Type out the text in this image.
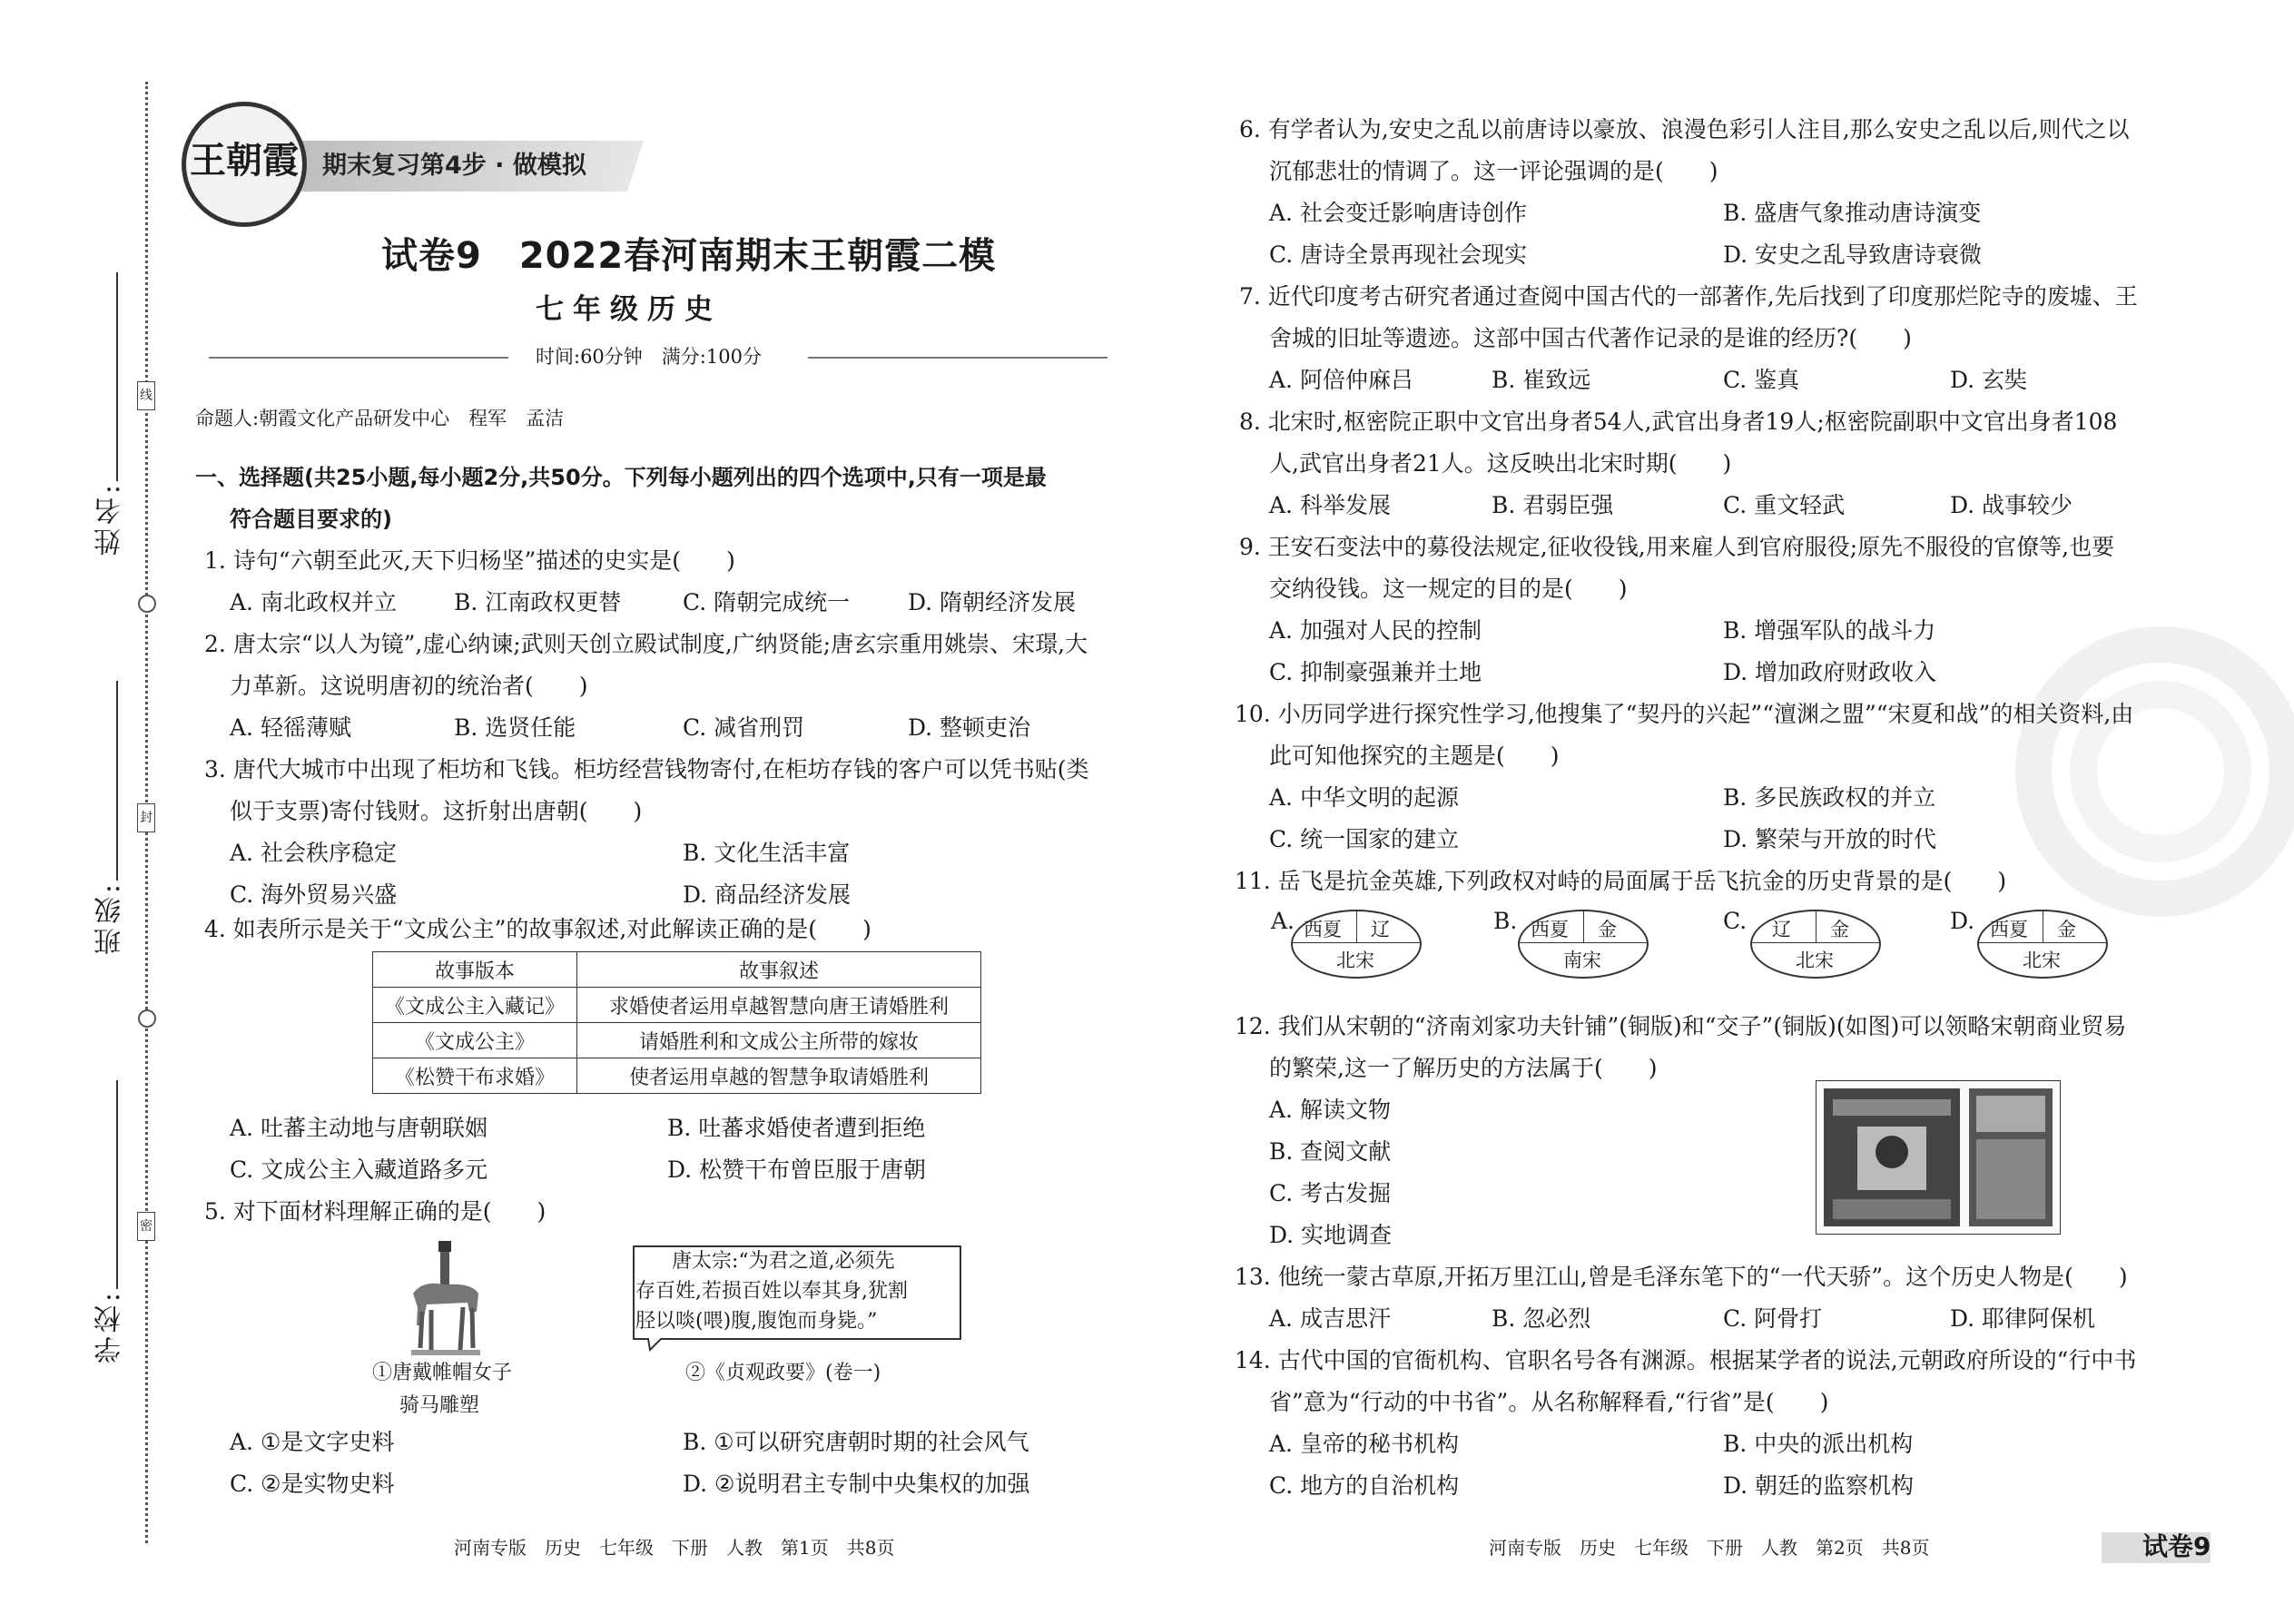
线
封
密
姓名:
班级:
学校:
王朝霞 期末复习第4步 · 做模拟
试卷9　2022春河南期末王朝霞二模
七年级历史
时间:60分钟　满分:100分
命题人:朝霞文化产品研发中心　程军　孟洁
一、选择题(共25小题,每小题2分,共50分。下列每小题列出的四个选项中,只有一项是最
符合题目要求的)
1. 诗句“六朝至此灭,天下归杨坚”描述的史实是(　　)
A. 南北政权并立	B. 江南政权更替	C. 隋朝完成统一	D. 隋朝经济发展
2. 唐太宗“以人为镜”,虚心纳谏;武则天创立殿试制度,广纳贤能;唐玄宗重用姚崇、宋璟,大
力革新。这说明唐初的统治者(　　)
A. 轻徭薄赋	B. 选贤任能	C. 减省刑罚	D. 整顿吏治
3. 唐代大城市中出现了柜坊和飞钱。柜坊经营钱物寄付,在柜坊存钱的客户可以凭书贴(类
似于支票)寄付钱财。这折射出唐朝(　　)
A. 社会秩序稳定	B. 文化生活丰富
C. 海外贸易兴盛	D. 商品经济发展
4. 如表所示是关于“文成公主”的故事叙述,对此解读正确的是(　　)
故事版本	故事叙述
《文成公主入藏记》	求婚使者运用卓越智慧向唐王请婚胜利
《文成公主》	请婚胜利和文成公主所带的嫁妆
《松赞干布求婚》	使者运用卓越的智慧争取请婚胜利
A. 吐蕃主动地与唐朝联姻	B. 吐蕃求婚使者遭到拒绝
C. 文成公主入藏道路多元	D. 松赞干布曾臣服于唐朝
5. 对下面材料理解正确的是(　　)
①唐戴帷帽女子
骑马雕塑
唐太宗:“为君之道,必须先
存百姓,若损百姓以奉其身,犹割
胫以啖(喂)腹,腹饱而身毙。”
②《贞观政要》(卷一)
A. ①是文字史料	B. ①可以研究唐朝时期的社会风气
C. ②是实物史料	D. ②说明君主专制中央集权的加强
河南专版　历史　七年级　下册　人教　第1页　共8页
6. 有学者认为,安史之乱以前唐诗以豪放、浪漫色彩引人注目,那么安史之乱以后,则代之以
沉郁悲壮的情调了。这一评论强调的是(　　)
A. 社会变迁影响唐诗创作	B. 盛唐气象推动唐诗演变
C. 唐诗全景再现社会现实	D. 安史之乱导致唐诗衰微
7. 近代印度考古研究者通过查阅中国古代的一部著作,先后找到了印度那烂陀寺的废墟、王
舍城的旧址等遗迹。这部中国古代著作记录的是谁的经历?(　　)
A. 阿倍仲麻吕	B. 崔致远	C. 鉴真	D. 玄奘
8. 北宋时,枢密院正职中文官出身者54人,武官出身者19人;枢密院副职中文官出身者108
人,武官出身者21人。这反映出北宋时期(　　)
A. 科举发展	B. 君弱臣强	C. 重文轻武	D. 战事较少
9. 王安石变法中的募役法规定,征收役钱,用来雇人到官府服役;原先不服役的官僚等,也要
交纳役钱。这一规定的目的是(　　)
A. 加强对人民的控制	B. 增强军队的战斗力
C. 抑制豪强兼并土地	D. 增加政府财政收入
10. 小历同学进行探究性学习,他搜集了“契丹的兴起”“澶渊之盟”“宋夏和战”的相关资料,由
此可知他探究的主题是(　　)
A. 中华文明的起源	B. 多民族政权的并立
C. 统一国家的建立	D. 繁荣与开放的时代
11. 岳飞是抗金英雄,下列政权对峙的局面属于岳飞抗金的历史背景的是(　　)
A. 西夏 辽
北宋
B. 西夏 金
南宋
C. 辽 金
北宋
D. 西夏 金
北宋
12. 我们从宋朝的“济南刘家功夫针铺”(铜版)和“交子”(铜版)(如图)可以领略宋朝商业贸易
的繁荣,这一了解历史的方法属于(　　)
A. 解读文物
B. 查阅文献
C. 考古发掘
D. 实地调查
13. 他统一蒙古草原,开拓万里江山,曾是毛泽东笔下的“一代天骄”。这个历史人物是(　　)
A. 成吉思汗	B. 忽必烈	C. 阿骨打	D. 耶律阿保机
14. 古代中国的官衙机构、官职名号各有渊源。根据某学者的说法,元朝政府所设的“行中书
省”意为“行动的中书省”。从名称解释看,“行省”是(　　)
A. 皇帝的秘书机构	B. 中央的派出机构
C. 地方的自治机构	D. 朝廷的监察机构
河南专版　历史　七年级　下册　人教　第2页　共8页	试卷9
